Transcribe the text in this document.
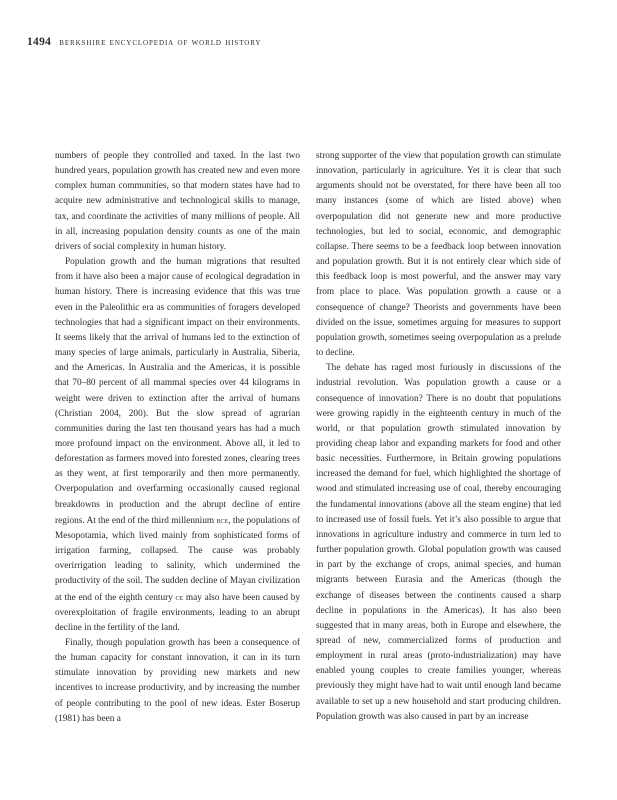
1494 berkshire encyclopedia of world history

numbers of people they controlled and taxed. In the last two hundred years, population growth has created new and even more complex human communities, so that modern states have had to acquire new administrative and technological skills to manage, tax, and coordinate the activities of many millions of people. All in all, increasing population density counts as one of the main drivers of social complexity in human history.

Population growth and the human migrations that resulted from it have also been a major cause of ecological degradation in human history. There is increasing evidence that this was true even in the Paleolithic era as communities of foragers developed technologies that had a significant impact on their environments. It seems likely that the arrival of humans led to the extinction of many species of large animals, particularly in Australia, Siberia, and the Americas. In Australia and the Americas, it is possible that 70–80 percent of all mammal species over 44 kilograms in weight were driven to extinction after the arrival of humans (Christian 2004, 200). But the slow spread of agrarian communities during the last ten thousand years has had a much more profound impact on the environment. Above all, it led to deforestation as farmers moved into forested zones, clearing trees as they went, at first temporarily and then more permanently. Overpopulation and overfarming occasionally caused regional breakdowns in production and the abrupt decline of entire regions. At the end of the third millennium bce, the populations of Mesopotamia, which lived mainly from sophisticated forms of irrigation farming, collapsed. The cause was probably overirrigation leading to salinity, which undermined the productivity of the soil. The sudden decline of Mayan civilization at the end of the eighth century ce may also have been caused by overexploitation of fragile environments, leading to an abrupt decline in the fertility of the land.

Finally, though population growth has been a consequence of the human capacity for constant innovation, it can in its turn stimulate innovation by providing new markets and new incentives to increase productivity, and by increasing the number of people contributing to the pool of new ideas. Ester Boserup (1981) has been a

strong supporter of the view that population growth can stimulate innovation, particularly in agriculture. Yet it is clear that such arguments should not be overstated, for there have been all too many instances (some of which are listed above) when overpopulation did not generate new and more productive technologies, but led to social, economic, and demographic collapse. There seems to be a feedback loop between innovation and population growth. But it is not entirely clear which side of this feedback loop is most powerful, and the answer may vary from place to place. Was population growth a cause or a consequence of change? Theorists and governments have been divided on the issue, sometimes arguing for measures to support population growth, sometimes seeing overpopulation as a prelude to decline.

The debate has raged most furiously in discussions of the industrial revolution. Was population growth a cause or a consequence of innovation? There is no doubt that populations were growing rapidly in the eighteenth century in much of the world, or that population growth stimulated innovation by providing cheap labor and expanding markets for food and other basic necessities. Furthermore, in Britain growing populations increased the demand for fuel, which highlighted the shortage of wood and stimulated increasing use of coal, thereby encouraging the fundamental innovations (above all the steam engine) that led to increased use of fossil fuels. Yet it’s also possible to argue that innovations in agriculture industry and commerce in turn led to further population growth. Global population growth was caused in part by the exchange of crops, animal species, and human migrants between Eurasia and the Americas (though the exchange of diseases between the continents caused a sharp decline in populations in the Americas). It has also been suggested that in many areas, both in Europe and elsewhere, the spread of new, commercialized forms of production and employment in rural areas (proto-industrialization) may have enabled young couples to create families younger, whereas previously they might have had to wait until enough land became available to set up a new household and start producing children. Population growth was also caused in part by an increase
